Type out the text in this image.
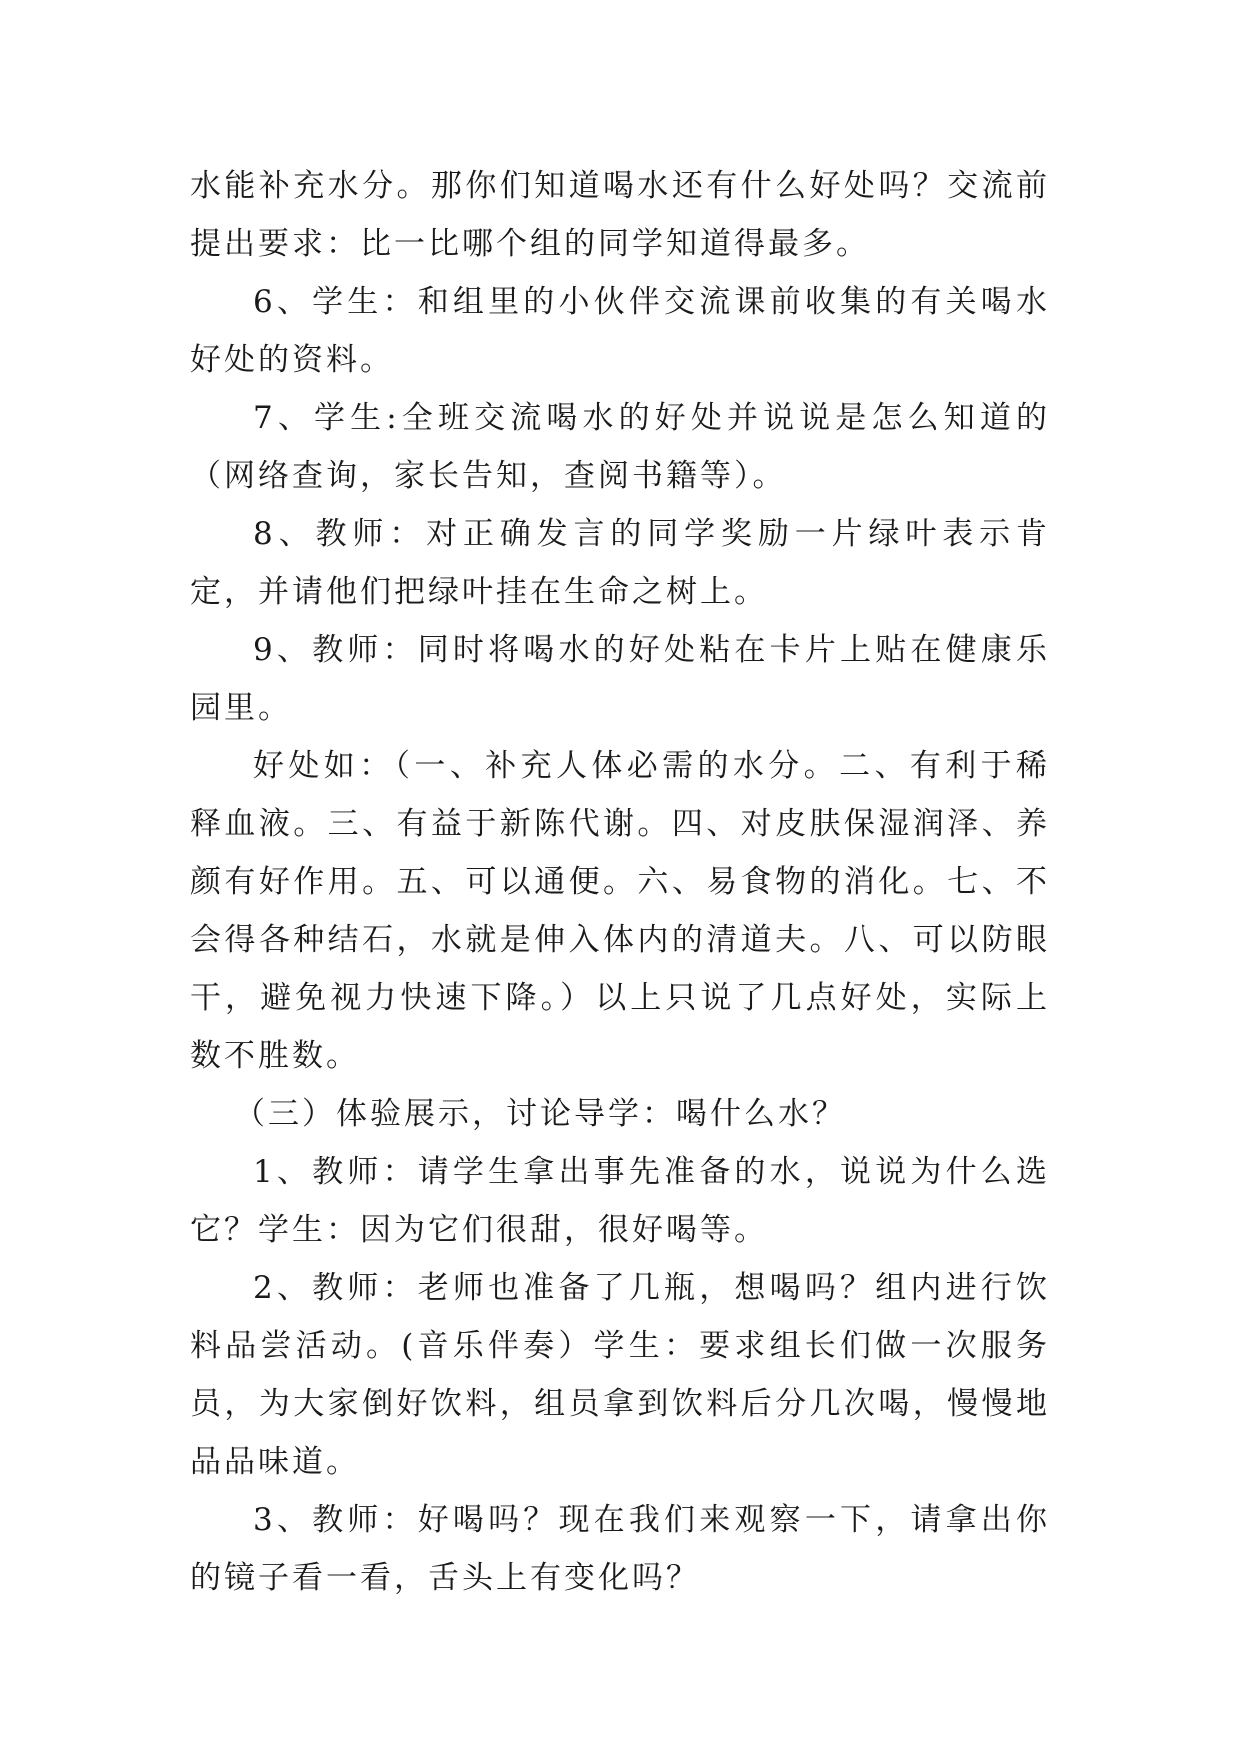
水能补充水分。那你们知道喝水还有什么好处吗？交流前提出要求：比一比哪个组的同学知道得最多。

6、学生：和组里的小伙伴交流课前收集的有关喝水好处的资料。

7、学生:全班交流喝水的好处并说说是怎么知道的（网络查询，家长告知，查阅书籍等）。

8、教师：对正确发言的同学奖励一片绿叶表示肯定，并请他们把绿叶挂在生命之树上。

9、教师：同时将喝水的好处粘在卡片上贴在健康乐园里。

好处如：（一、补充人体必需的水分。二、有利于稀释血液。三、有益于新陈代谢。四、对皮肤保湿润泽、养颜有好作用。五、可以通便。六、易食物的消化。七、不会得各种结石，水就是伸入体内的清道夫。八、可以防眼干，避免视力快速下降。）以上只说了几点好处，实际上数不胜数。

（三）体验展示，讨论导学：喝什么水？

1、教师：请学生拿出事先准备的水，说说为什么选它？学生：因为它们很甜，很好喝等。

2、教师：老师也准备了几瓶，想喝吗？组内进行饮料品尝活动。(音乐伴奏）学生：要求组长们做一次服务员，为大家倒好饮料，组员拿到饮料后分几次喝，慢慢地品品味道。

3、教师：好喝吗？现在我们来观察一下，请拿出你的镜子看一看，舌头上有变化吗？
